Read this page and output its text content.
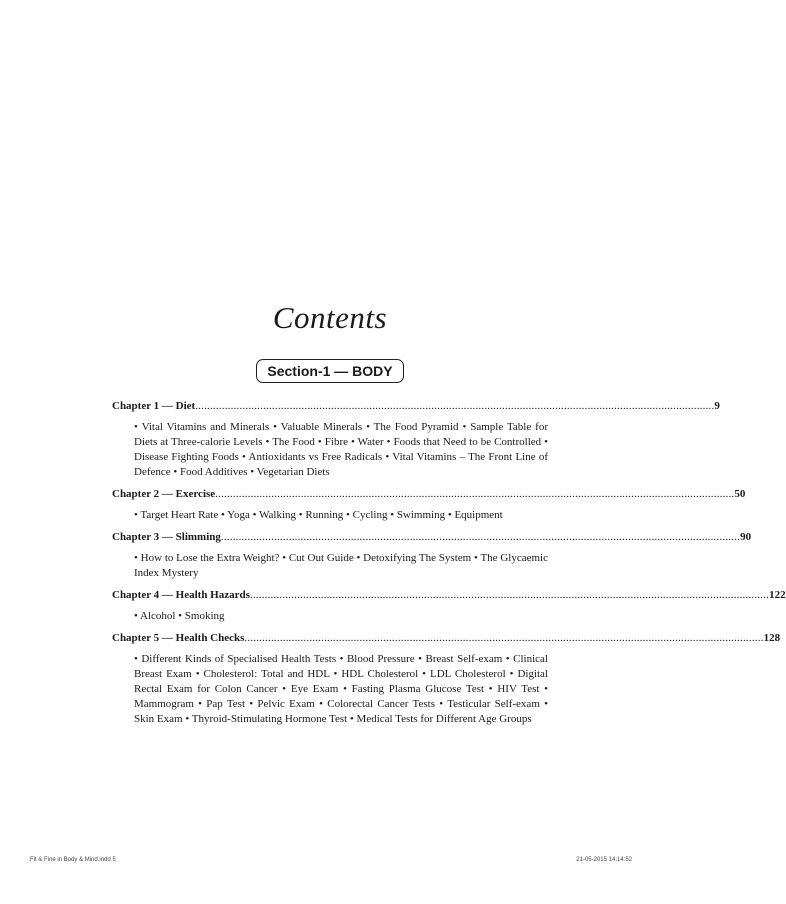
Contents
Section-1 — BODY
Chapter 1 — Diet ................................................................................................................................................................................ 9
• Vital Vitamins and Minerals • Valuable Minerals • The Food Pyramid • Sample Table for Diets at Three-calorie Levels • The Food • Fibre • Water • Foods that Need to be Controlled • Disease Fighting Foods • Antioxidants vs Free Radicals • Vital Vitamins – The Front Line of Defence • Food Additives • Vegetarian Diets
Chapter 2 — Exercise ................................................................................................................................................................................ 50
• Target Heart Rate • Yoga • Walking • Running • Cycling • Swimming • Equipment
Chapter 3 — Slimming ................................................................................................................................................................................ 90
• How to Lose the Extra Weight? • Cut Out Guide • Detoxifying The System • The Glycaemic Index Mystery
Chapter 4 — Health Hazards ................................................................................................................................................................................ 122
• Alcohol • Smoking
Chapter 5 — Health Checks ................................................................................................................................................................................ 128
• Different Kinds of Specialised Health Tests • Blood Pressure • Breast Self-exam • Clinical Breast Exam • Cholesterol: Total and HDL • HDL Cholesterol • LDL Cholesterol • Digital Rectal Exam for Colon Cancer • Eye Exam • Fasting Plasma Glucose Test • HIV Test • Mammogram • Pap Test • Pelvic Exam • Colorectal Cancer Tests • Testicular Self-exam • Skin Exam • Thyroid-Stimulating Hormone Test • Medical Tests for Different Age Groups
Fit & Fine in Body & Mind.indd 5	21-05-2015 14:14:52
